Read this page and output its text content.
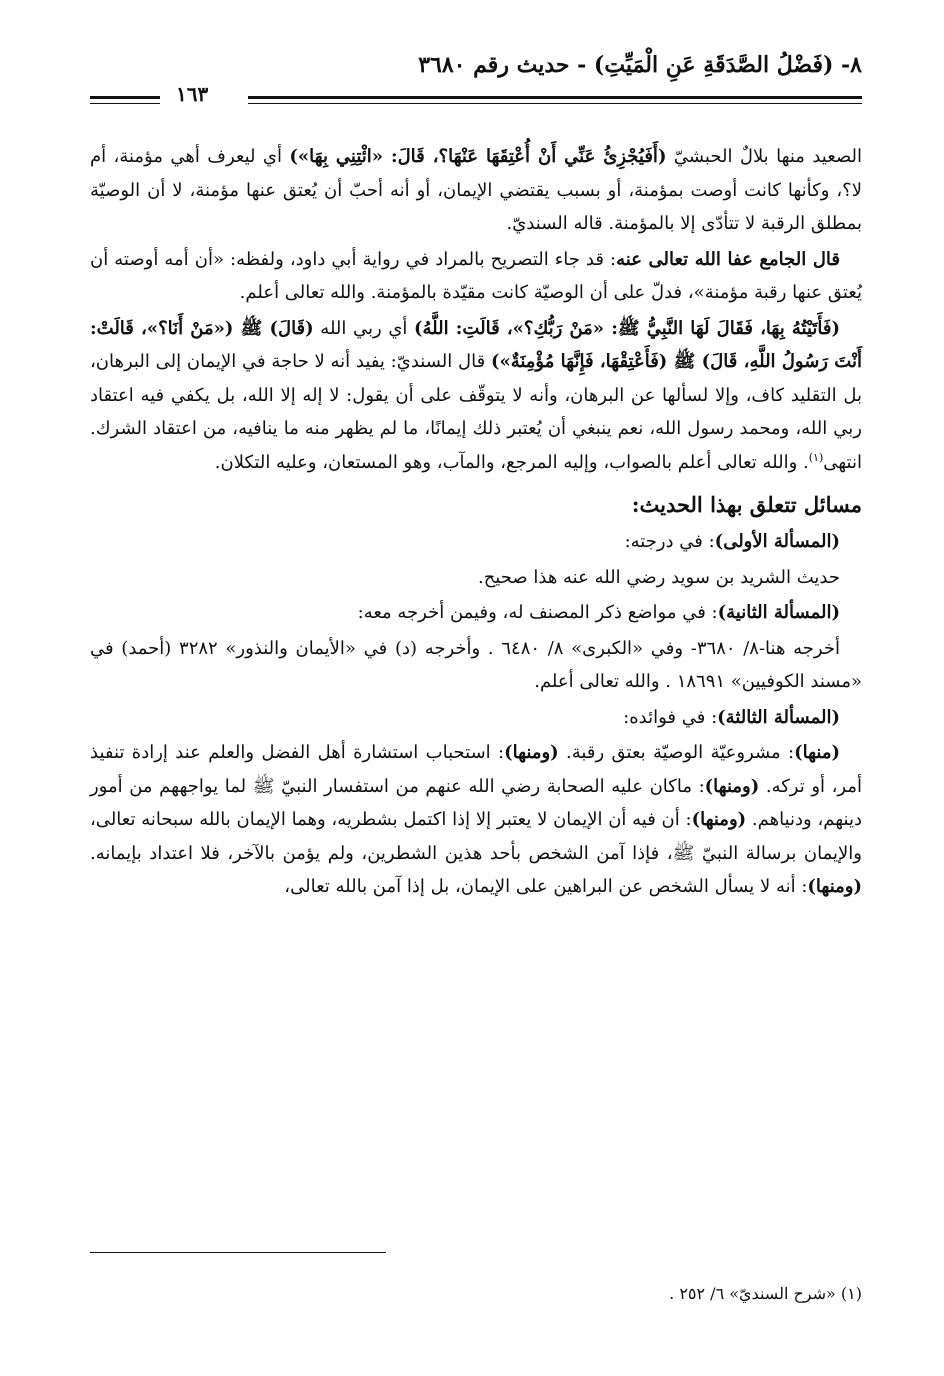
٨- (فَضْلُ الصَّدَقَةِ عَنِ الْمَيِّتِ) - حديث رقم ٣٦٨٠
١٦٣

الصعيد منها بلالٌ الحبشيّ (أَفَيُجْزِئُ عَنِّي أَنْ أُعْتِقَهَا عَنْهَا؟، قَالَ: «ائْتِنِي بِهَا») أي ليعرف أهي مؤمنة، أم لا؟، وكأنها كانت أوصت بمؤمنة، أو بسبب يقتضي الإيمان، أو أنه أحبّ أن يُعتق عنها مؤمنة، لا أن الوصيّة بمطلق الرقبة لا تتأدّى إلا بالمؤمنة. قاله السنديّ.

قال الجامع عفا الله تعالى عنه: قد جاء التصريح بالمراد في رواية أبي داود، ولفظه: «أن أمه أوصته أن يُعتق عنها رقبة مؤمنة»، فدلّ على أن الوصيّة كانت مقيّدة بالمؤمنة. والله تعالى أعلم.

(فَأَتَيْتُهُ بِهَا، فَقَالَ لَهَا النَّبِيُّ ﷺ: «مَنْ رَبُّكِ؟»، قَالَتِ: اللَّهُ) أي ربي الله (قَالَ) ﷺ («مَنْ أَنَا؟»، قَالَتْ: أَنْتَ رَسُولُ اللَّهِ، قَالَ) ﷺ (فَأَعْتِقْهَا، فَإِنَّهَا مُؤْمِنَةٌ») قال السنديّ: يفيد أنه لا حاجة في الإيمان إلى البرهان، بل التقليد كاف، وإلا لسألها عن البرهان، وأنه لا يتوقّف على أن يقول: لا إله إلا الله، بل يكفي فيه اعتقاد ربي الله، ومحمد رسول الله، نعم ينبغي أن يُعتبر ذلك إيمانًا، ما لم يظهر منه ما ينافيه، من اعتقاد الشرك. انتهى$^{(١)}$. والله تعالى أعلم بالصواب، وإليه المرجع، والمآب، وهو المستعان، وعليه التكلان.

مسائل تتعلق بهذا الحديث:

(المسألة الأولى): في درجته:

حديث الشريد بن سويد رضي الله عنه هذا صحيح.

(المسألة الثانية): في مواضع ذكر المصنف له، وفيمن أخرجه معه:

أخرجه هنا-٨/ ٣٦٨٠- وفي «الكبرى» ٨/ ٦٤٨٠ . وأخرجه (د) في «الأيمان والنذور» ٣٢٨٢ (أحمد) في «مسند الكوفيين» ١٨٦٩١ . والله تعالى أعلم.

(المسألة الثالثة): في فوائده:

(منها): مشروعيّة الوصيّة بعتق رقبة. (ومنها): استحباب استشارة أهل الفضل والعلم عند إرادة تنفيذ أمر، أو تركه. (ومنها): ماكان عليه الصحابة رضي الله عنهم من استفسار النبيّ ﷺ لما يواجههم من أمور دينهم، ودنياهم. (ومنها): أن فيه أن الإيمان لا يعتبر إلا إذا اكتمل بشطريه، وهما الإيمان بالله سبحانه تعالى، والإيمان برسالة النبيّ ﷺ، فإذا آمن الشخص بأحد هذين الشطرين، ولم يؤمن بالآخر، فلا اعتداد بإيمانه.(ومنها): أنه لا يسأل الشخص عن البراهين على الإيمان، بل إذا آمن بالله تعالى،

(١) «شرح السنديّ» ٦/ ٢٥٢ .
